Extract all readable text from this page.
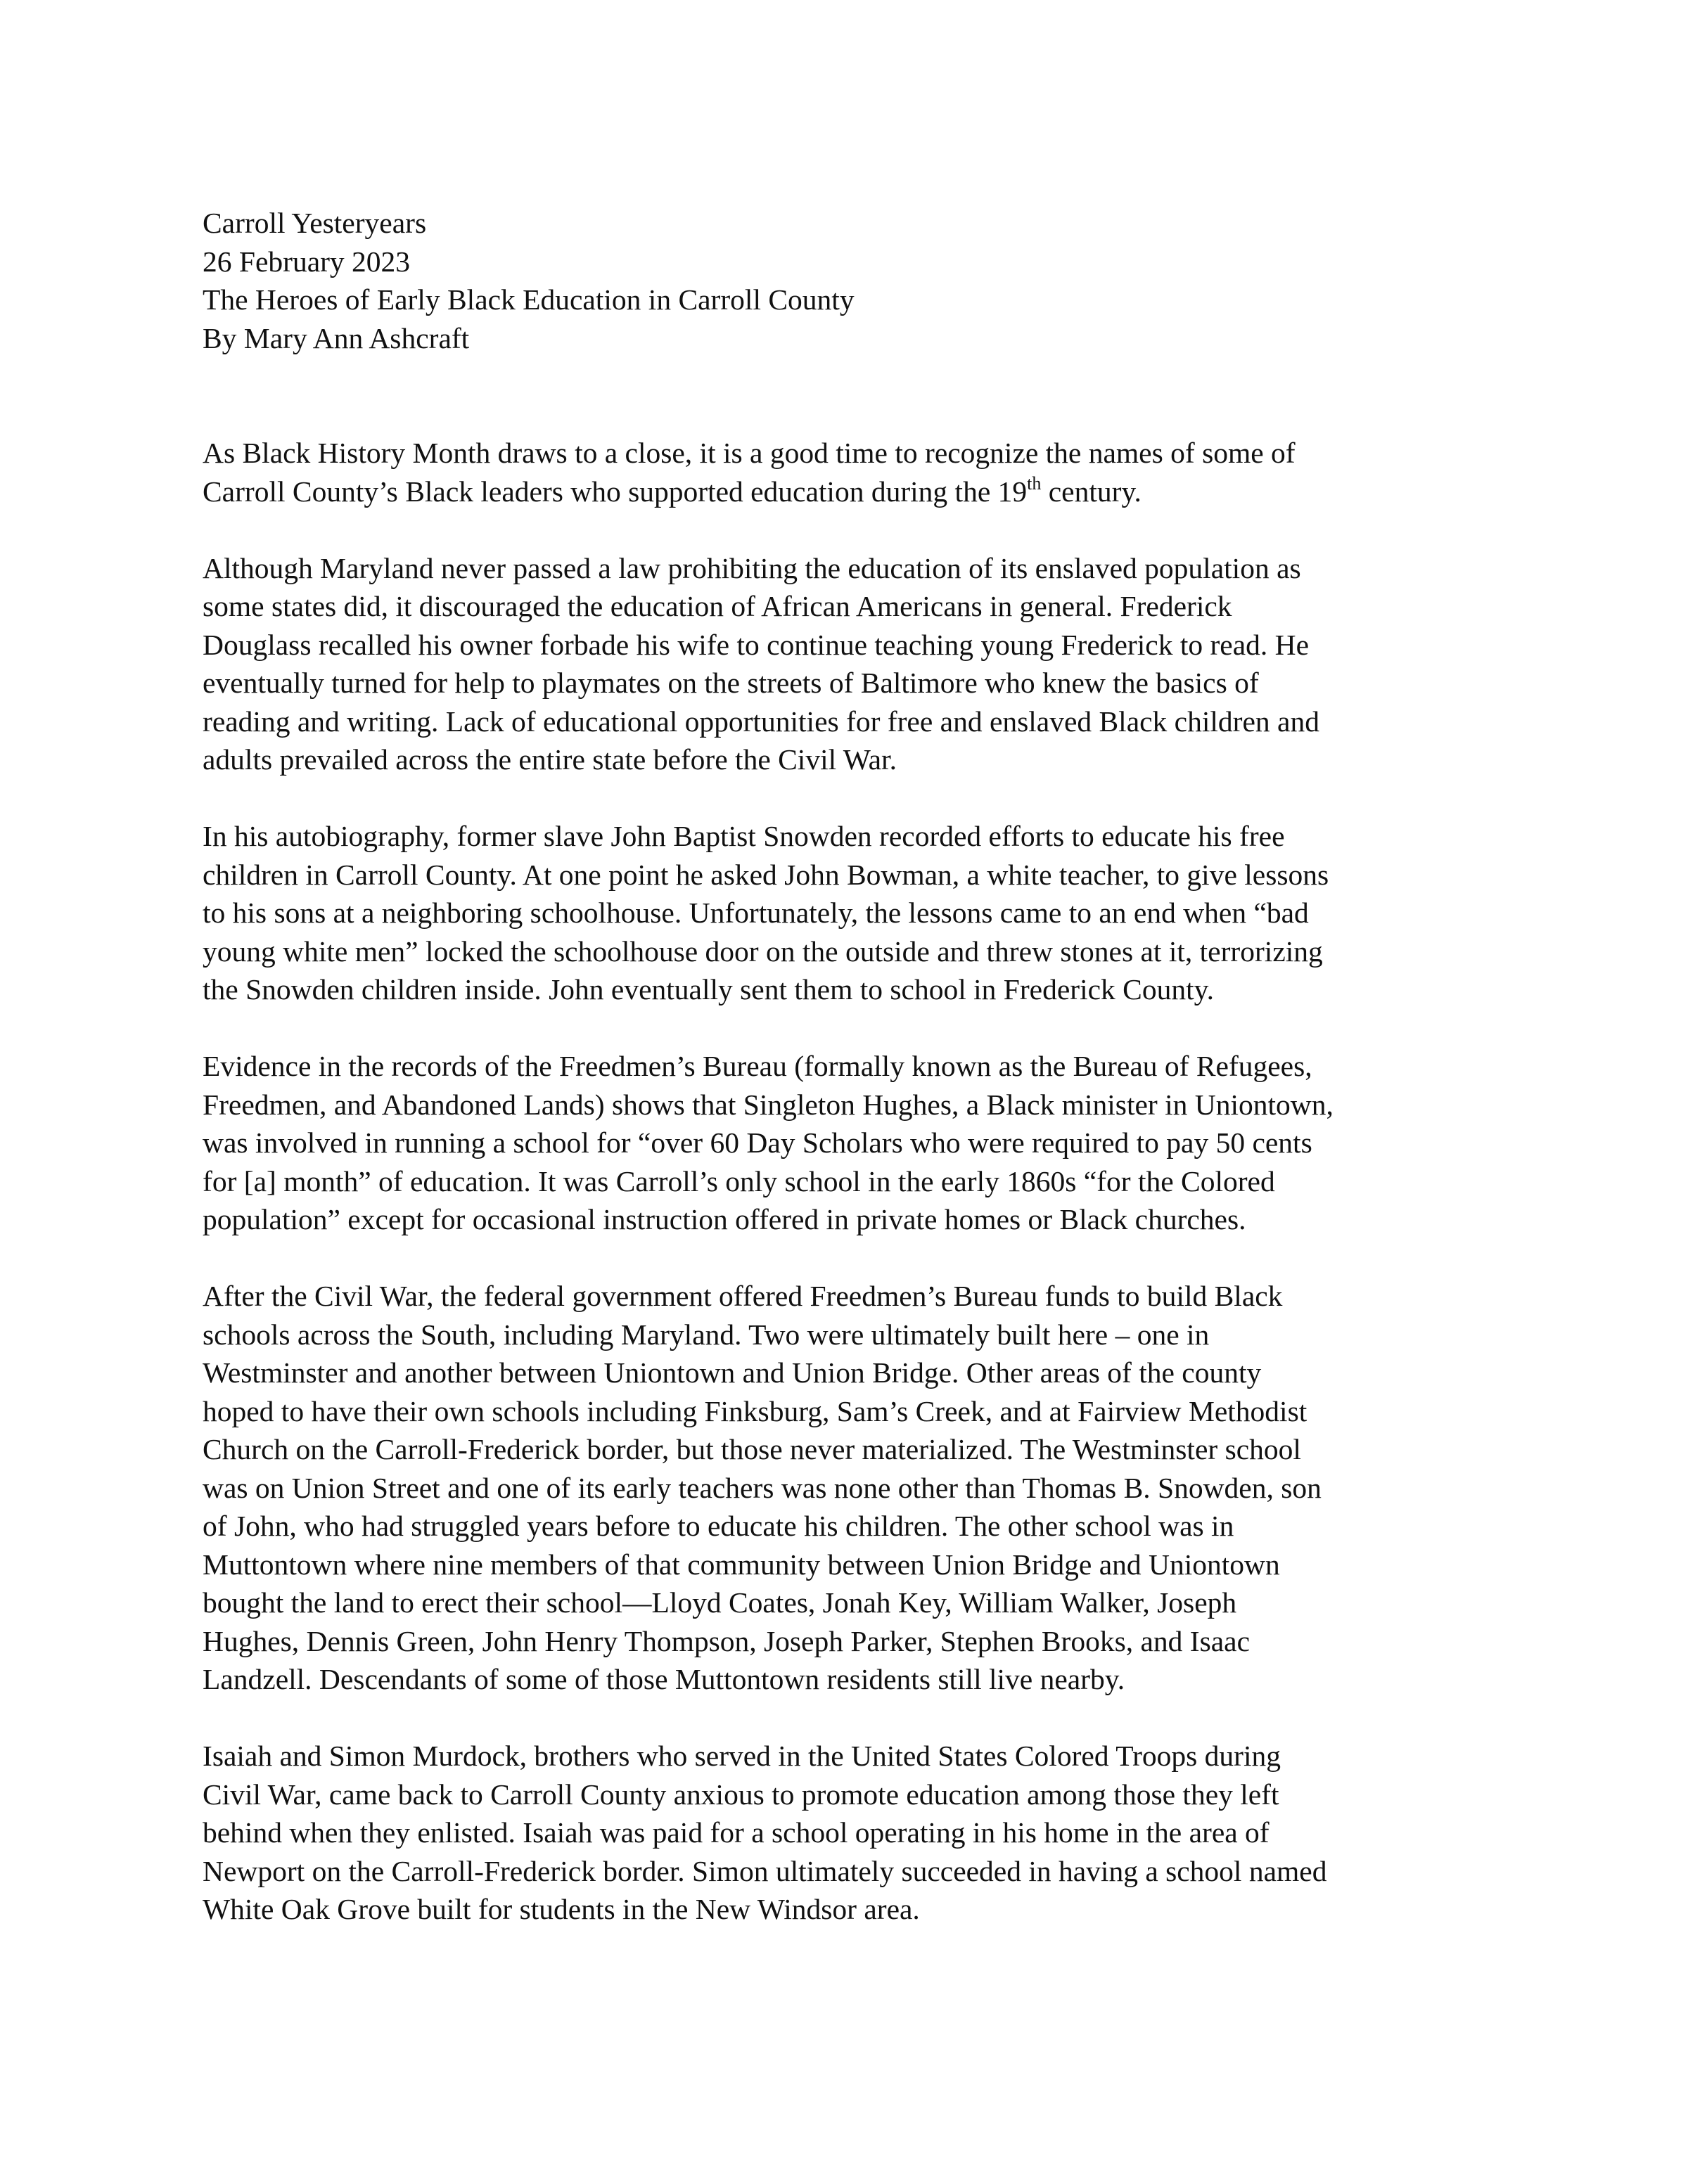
Carroll Yesteryears
26 February 2023
The Heroes of Early Black Education in Carroll County
By Mary Ann Ashcraft
As Black History Month draws to a close, it is a good time to recognize the names of some of
Carroll County’s Black leaders who supported education during the 19th century.
Although Maryland never passed a law prohibiting the education of its enslaved population as
some states did, it discouraged the education of African Americans in general. Frederick
Douglass recalled his owner forbade his wife to continue teaching young Frederick to read. He
eventually turned for help to playmates on the streets of Baltimore who knew the basics of
reading and writing. Lack of educational opportunities for free and enslaved Black children and
adults prevailed across the entire state before the Civil War.
In his autobiography, former slave John Baptist Snowden recorded efforts to educate his free
children in Carroll County. At one point he asked John Bowman, a white teacher, to give lessons
to his sons at a neighboring schoolhouse. Unfortunately, the lessons came to an end when “bad
young white men” locked the schoolhouse door on the outside and threw stones at it, terrorizing
the Snowden children inside. John eventually sent them to school in Frederick County.
Evidence in the records of the Freedmen’s Bureau (formally known as the Bureau of Refugees,
Freedmen, and Abandoned Lands) shows that Singleton Hughes, a Black minister in Uniontown,
was involved in running a school for “over 60 Day Scholars who were required to pay 50 cents
for [a] month” of education. It was Carroll’s only school in the early 1860s “for the Colored
population” except for occasional instruction offered in private homes or Black churches.
After the Civil War, the federal government offered Freedmen’s Bureau funds to build Black
schools across the South, including Maryland. Two were ultimately built here – one in
Westminster and another between Uniontown and Union Bridge. Other areas of the county
hoped to have their own schools including Finksburg, Sam’s Creek, and at Fairview Methodist
Church on the Carroll-Frederick border, but those never materialized. The Westminster school
was on Union Street and one of its early teachers was none other than Thomas B. Snowden, son
of John, who had struggled years before to educate his children. The other school was in
Muttontown where nine members of that community between Union Bridge and Uniontown
bought the land to erect their school—Lloyd Coates, Jonah Key, William Walker, Joseph
Hughes, Dennis Green, John Henry Thompson, Joseph Parker, Stephen Brooks, and Isaac
Landzell. Descendants of some of those Muttontown residents still live nearby.
Isaiah and Simon Murdock, brothers who served in the United States Colored Troops during
Civil War, came back to Carroll County anxious to promote education among those they left
behind when they enlisted. Isaiah was paid for a school operating in his home in the area of
Newport on the Carroll-Frederick border. Simon ultimately succeeded in having a school named
White Oak Grove built for students in the New Windsor area.
